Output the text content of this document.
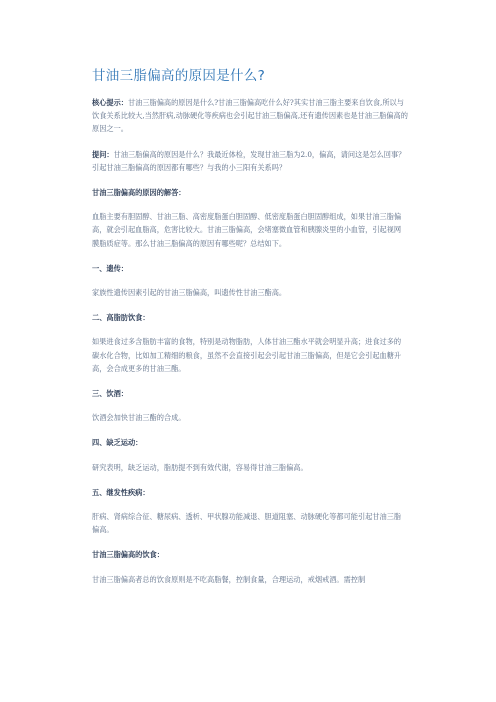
甘油三脂偏高的原因是什么?

核心提示：甘油三脂偏高的原因是什么?甘油三脂偏高吃什么好?其实甘油三脂主要来自饮食,所以与饮食关系比较大,当然肝病,动脉硬化等疾病也会引起甘油三脂偏高,还有遗传因素也是甘油三脂偏高的原因之一。

提问：甘油三脂偏高的原因是什么？我最近体检，发现甘油三脂为2.0，偏高，请问这是怎么回事？引起甘油三脂偏高的原因都有哪些？与我的小三阳有关系吗？

甘油三脂偏高的原因的解答：

血脂主要有胆固醇、甘油三脂、高密度脂蛋白胆固醇、低密度脂蛋白胆固醇组成，如果甘油三脂偏高，就会引起血脂高，危害比较大。甘油三脂偏高，会堵塞微血管和胰腺炎里的小血管，引起视网膜脂质症等。那么甘油三脂偏高的原因有哪些呢？总结如下。

一、遗传：

家族性遗传因素引起的甘油三脂偏高，叫遗传性甘油三酯高。

二、高脂肪饮食：

如果进食过多含脂肪丰富的食物，特别是动物脂肪，人体甘油三酯水平就会明显升高；进食过多的碳水化合物，比如加工精细的粮食，虽然不会直接引起会引起甘油三脂偏高，但是它会引起血糖升高，会合成更多的甘油三酯。

三、饮酒：

饮酒会加快甘油三酯的合成。

四、缺乏运动：

研究表明，缺乏运动，脂肪提不到有效代谢，容易得甘油三脂偏高。

五、继发性疾病：

肝病、肾病综合征、糖尿病、透析、甲状腺功能减退、胆道阻塞、动脉硬化等都可能引起甘油三脂偏高。

甘油三脂偏高的饮食：

甘油三脂偏高者总的饮食原则是不吃高脂餐，控制食量，合理运动，戒烟戒酒。需控制
